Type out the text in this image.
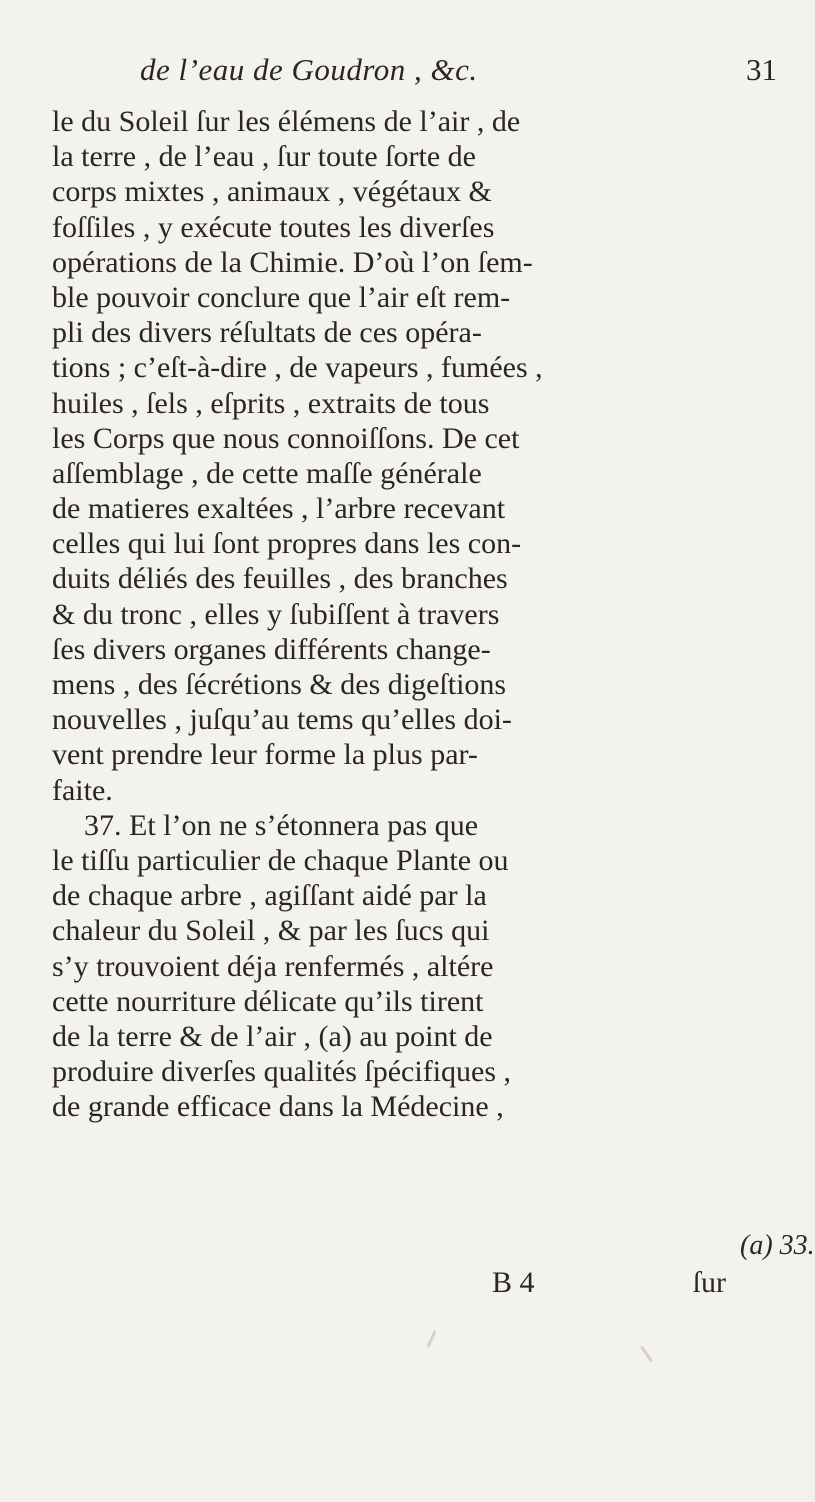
de l’eau de Goudron , &c.	31
le du Soleil ſur les élémens de l’air , de
la terre , de l’eau , ſur toute ſorte de
corps mixtes , animaux , végétaux &
foſſiles , y exécute toutes les diverſes
opérations de la Chimie. D’où l’on ſem-
ble pouvoir conclure que l’air eſt rem-
pli des divers réſultats de ces opéra-
tions ; c’eſt-à-dire , de vapeurs , fumées ,
huiles , ſels , eſprits , extraits de tous
les Corps que nous connoiſſons. De cet
aſſemblage , de cette maſſe générale
de matieres exaltées , l’arbre recevant
celles qui lui ſont propres dans les con-
duits déliés des feuilles , des branches
& du tronc , elles y ſubiſſent à travers
ſes divers organes différents change-
mens , des ſécrétions & des digeſtions
nouvelles , juſqu’au tems qu’elles doi-
vent prendre leur forme la plus par-
faite.
37. Et l’on ne s’étonnera pas que
le tiſſu particulier de chaque Plante ou
de chaque arbre , agiſſant aidé par la
chaleur du Soleil , & par les ſucs qui
s’y trouvoient déja renfermés , altére
cette nourriture délicate qu’ils tirent
de la terre & de l’air , (a) au point de
produire diverſes qualités ſpécifiques ,
de grande efficace dans la Médecine ,
(a) 33.
B 4	ſur
